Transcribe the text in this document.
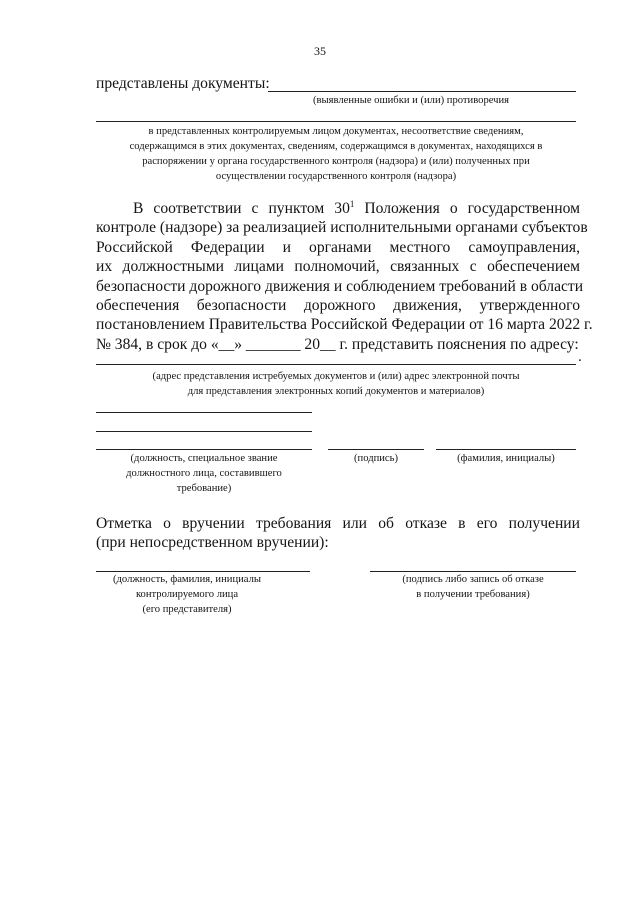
35
представлены документы:
(выявленные ошибки и (или) противоречия
в представленных контролируемым лицом документах, несоответствие сведениям,
содержащимся в этих документах, сведениям, содержащимся в документах, находящихся в
распоряжении у органа государственного контроля (надзора) и (или) полученных при
осуществлении государственного контроля (надзора)
В соответствии с пунктом $30^1$ Положения о государственном
контроле (надзоре) за реализацией исполнительными органами субъектов
Российской Федерации и органами местного самоуправления,
их должностными лицами полномочий, связанных с обеспечением
безопасности дорожного движения и соблюдением требований в области
обеспечения безопасности дорожного движения, утвержденного
постановлением Правительства Российской Федерации от 16 марта 2022 г.
№ 384, в срок до «__» _______ 20__ г. представить пояснения по адресу:
.
(адрес представления истребуемых документов и (или) адрес электронной почты
для представления электронных копий документов и материалов)
(должность, специальное звание
должностного лица, составившего
требование)
(подпись)	(фамилия, инициалы)
Отметка о вручении требования или об отказе в его получении
(при непосредственном вручении):
(должность, фамилия, инициалы
контролируемого лица
(его представителя)
(подпись либо запись об отказе
в получении требования)
